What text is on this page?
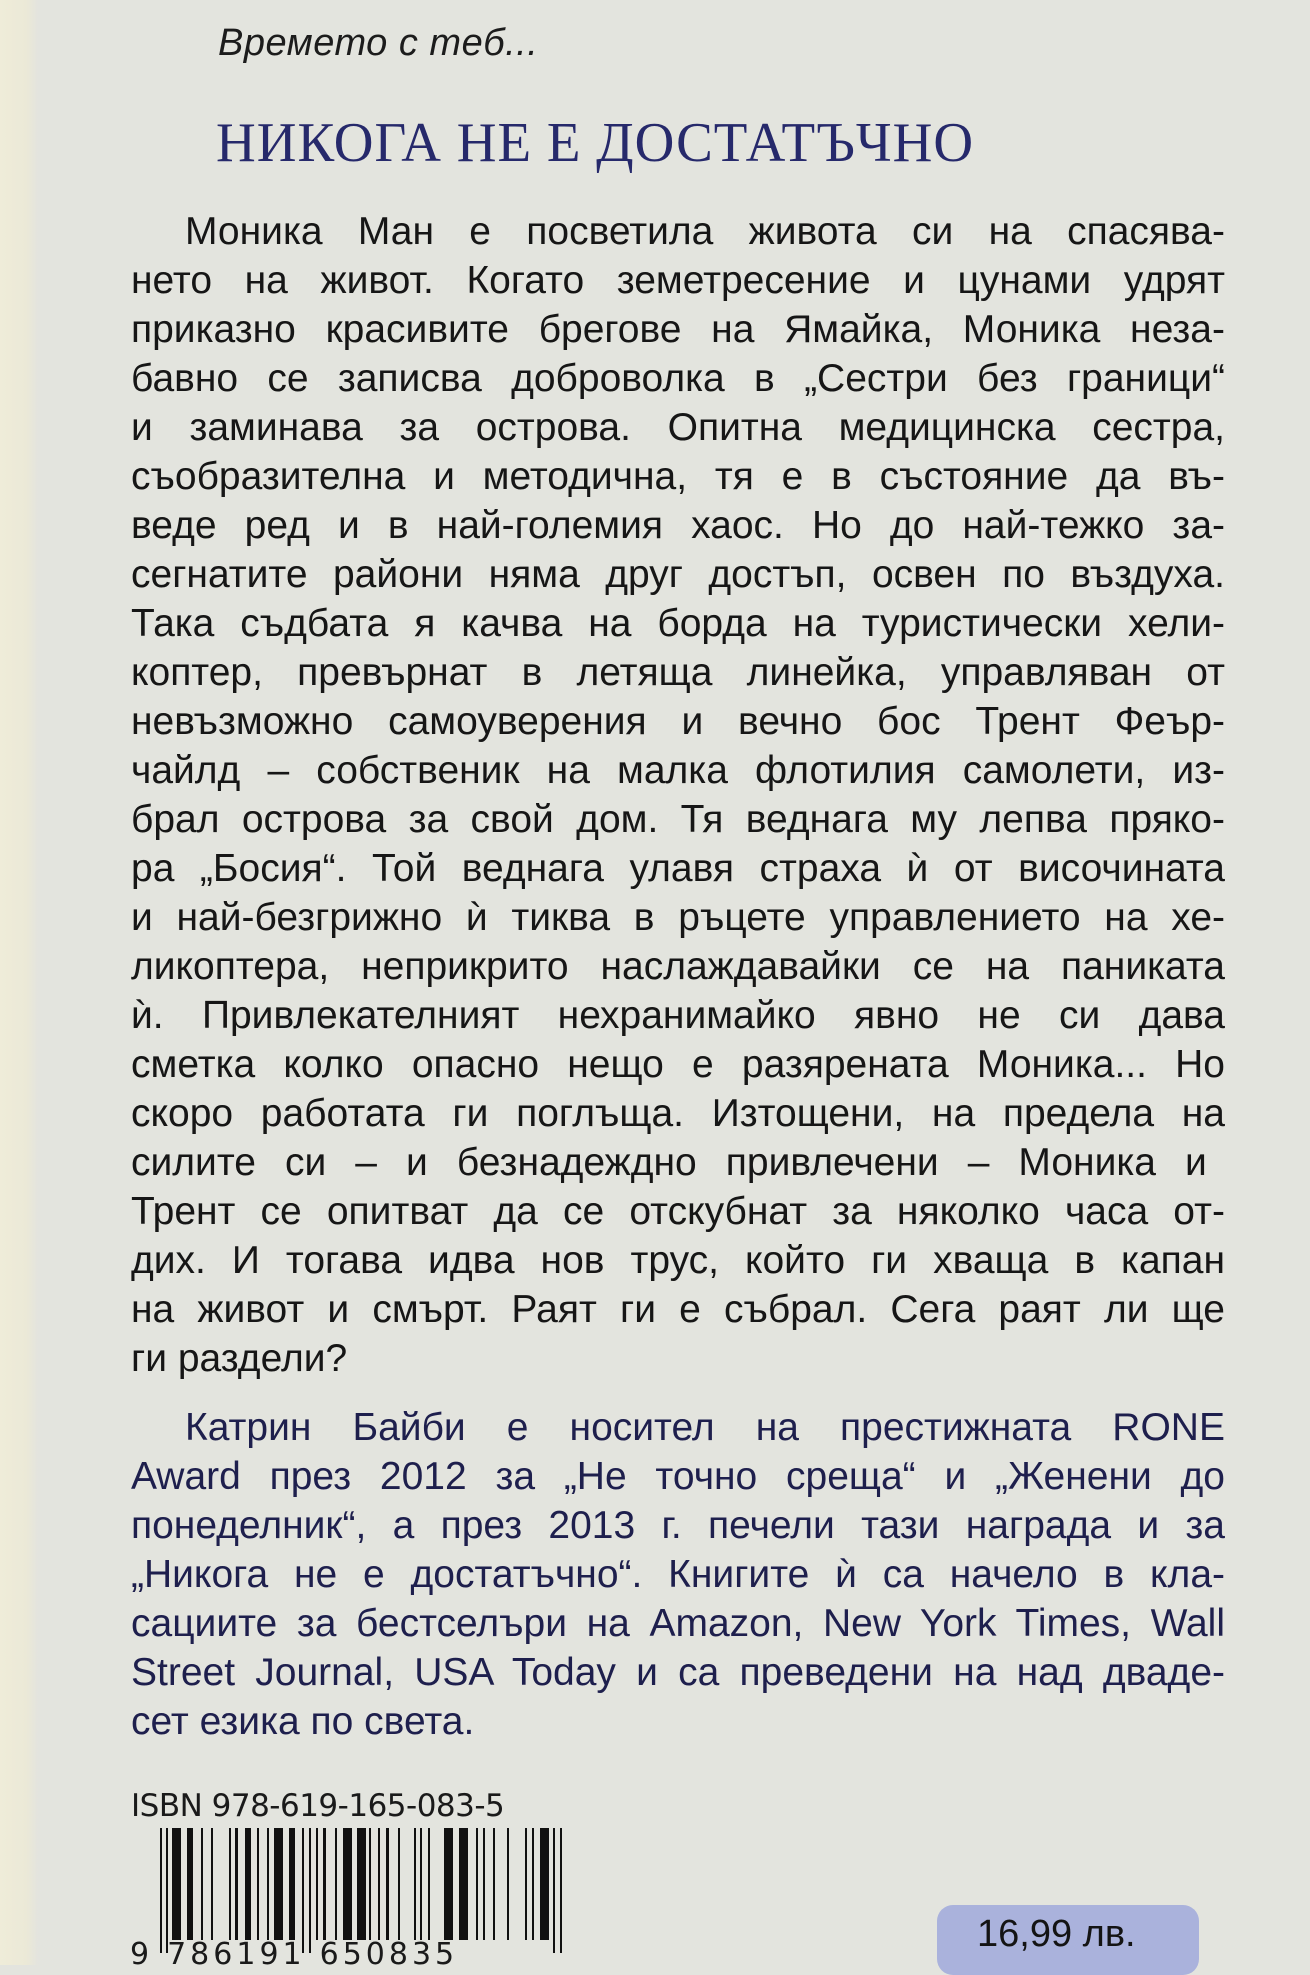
Времето с теб...
НИКОГА НЕ Е ДОСТАТЪЧНО
Моника Ман е посветила живота си на спасява-
нето на живот. Когато земетресение и цунами удрят
приказно красивите брегове на Ямайка, Моника неза-
бавно се записва доброволка в „Сестри без граници“
и заминава за острова. Опитна медицинска сестра,
съобразителна и методична, тя е в състояние да въ-
веде ред и в най-големия хаос. Но до най-тежко за-
сегнатите райони няма друг достъп, освен по въздуха.
Така съдбата я качва на борда на туристически хели-
коптер, превърнат в летяща линейка, управляван от
невъзможно самоуверения и вечно бос Трент Феър-
чайлд – собственик на малка флотилия самолети, из-
брал острова за свой дом. Тя веднага му лепва пряко-
ра „Босия“. Той веднага улавя страха ѝ от височината
и най-безгрижно ѝ тиква в ръцете управлението на хе-
ликоптера, неприкрито наслаждавайки се на паниката
ѝ. Привлекателният нехранимайко явно не си дава
сметка колко опасно нещо е разярената Моника... Но
скоро работата ги поглъща. Изтощени, на предела на
силите си – и безнадеждно привлечени – Моника и
Трент се опитват да се отскубнат за няколко часа от-
дих. И тогава идва нов трус, който ги хваща в капан
на живот и смърт. Раят ги е събрал. Сега раят ли ще
ги раздели?
Катрин Байби е носител на престижната RONE
Award през 2012 за „Не точно среща“ и „Женени до
понеделник“, а през 2013 г. печели тази награда и за
„Никога не е достатъчно“. Книгите ѝ са начело в кла-
сациите за бестселъри на Amazon, New York Times, Wall
Street Journal, USA Today и са преведени на над дваде-
сет езика по света.
ISBN 978-619-165-083-5
9 786191 650835	16,99 лв.
